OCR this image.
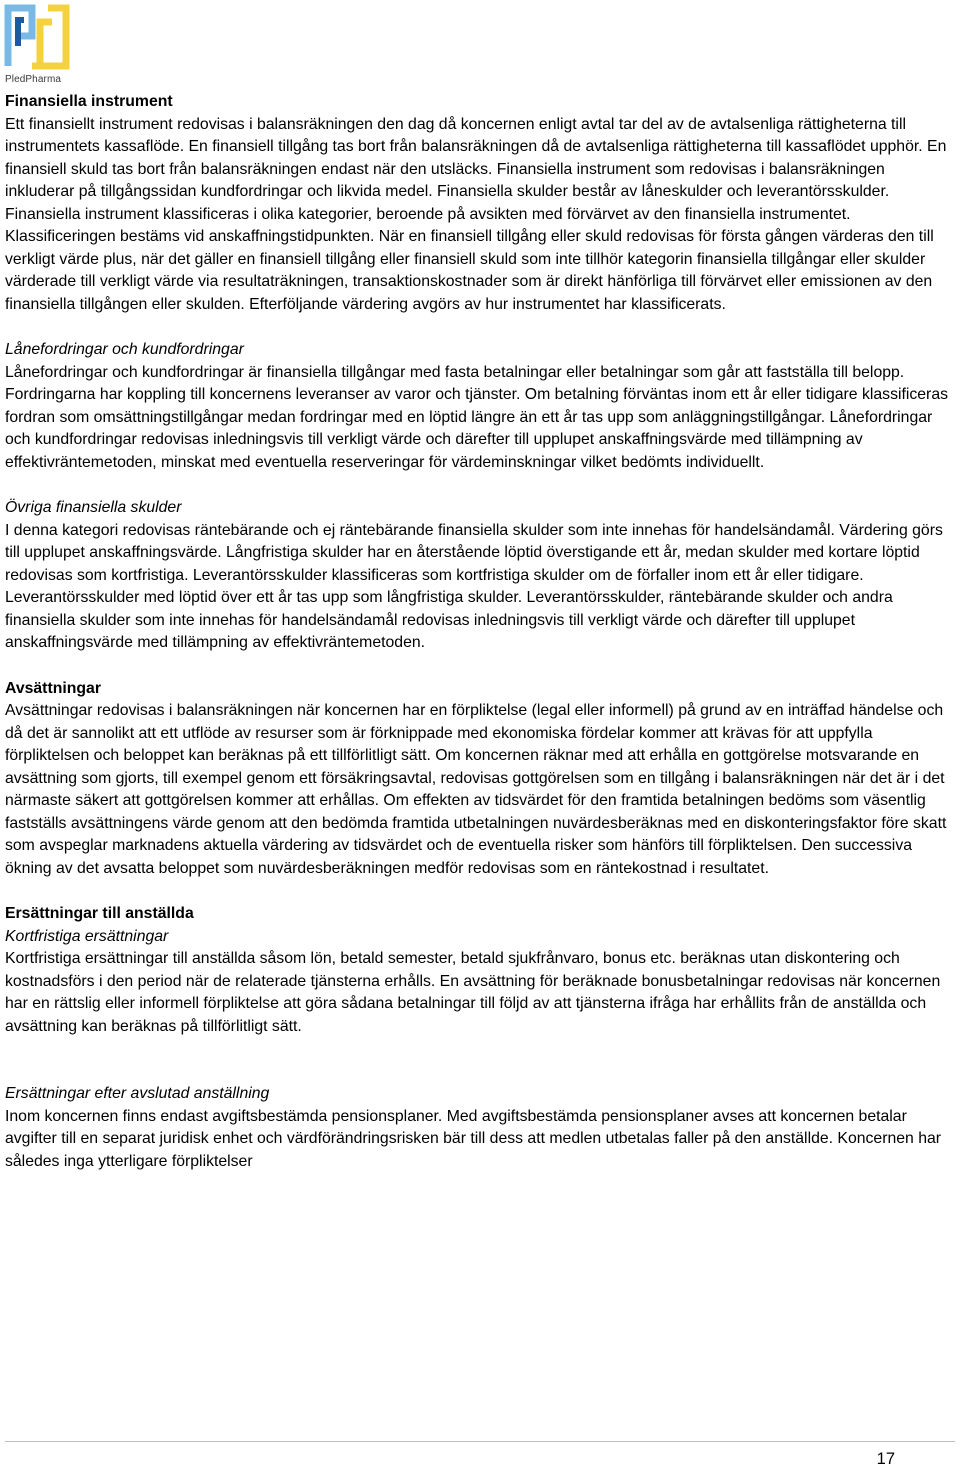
PledPharma

Finansiella instrument

Ett finansiellt instrument redovisas i balansräkningen den dag då koncernen enligt avtal tar del av de avtalsenliga rättigheterna till instrumentets kassaflöde. En finansiell tillgång tas bort från balansräkningen då de avtalsenliga rättigheterna till kassaflödet upphör. En finansiell skuld tas bort från balansräkningen endast när den utsläcks. Finansiella instrument som redovisas i balansräkningen inkluderar på tillgångssidan kundfordringar och likvida medel. Finansiella skulder består av låneskulder och leverantörsskulder. Finansiella instrument klassificeras i olika kategorier, beroende på avsikten med förvärvet av den finansiella instrumentet. Klassificeringen bestäms vid anskaffningstidpunkten. När en finansiell tillgång eller skuld redovisas för första gången värderas den till verkligt värde plus, när det gäller en finansiell tillgång eller finansiell skuld som inte tillhör kategorin finansiella tillgångar eller skulder värderade till verkligt värde via resultaträkningen, transaktionskostnader som är direkt hänförliga till förvärvet eller emissionen av den finansiella tillgången eller skulden. Efterföljande värdering avgörs av hur instrumentet har klassificerats.

Lånefordringar och kundfordringar

Lånefordringar och kundfordringar är finansiella tillgångar med fasta betalningar eller betalningar som går att fastställa till belopp. Fordringarna har koppling till koncernens leveranser av varor och tjänster. Om betalning förväntas inom ett år eller tidigare klassificeras fordran som omsättningstillgångar medan fordringar med en löptid längre än ett år tas upp som anläggningstillgångar. Lånefordringar och kundfordringar redovisas inledningsvis till verkligt värde och därefter till upplupet anskaffningsvärde med tillämpning av effektivräntemetoden, minskat med eventuella reserveringar för värdeminskningar vilket bedömts individuellt.

Övriga finansiella skulder

I denna kategori redovisas räntebärande och ej räntebärande finansiella skulder som inte innehas för handelsändamål. Värdering görs till upplupet anskaffningsvärde. Långfristiga skulder har en återstående löptid överstigande ett år, medan skulder med kortare löptid redovisas som kortfristiga. Leverantörsskulder klassificeras som kortfristiga skulder om de förfaller inom ett år eller tidigare. Leverantörsskulder med löptid över ett år tas upp som långfristiga skulder. Leverantörsskulder, räntebärande skulder och andra finansiella skulder som inte innehas för handelsändamål redovisas inledningsvis till verkligt värde och därefter till upplupet anskaffningsvärde med tillämpning av effektivräntemetoden.

Avsättningar

Avsättningar redovisas i balansräkningen när koncernen har en förpliktelse (legal eller informell) på grund av en inträffad händelse och då det är sannolikt att ett utflöde av resurser som är förknippade med ekonomiska fördelar kommer att krävas för att uppfylla förpliktelsen och beloppet kan beräknas på ett tillförlitligt sätt. Om koncernen räknar med att erhålla en gottgörelse motsvarande en avsättning som gjorts, till exempel genom ett försäkringsavtal, redovisas gottgörelsen som en tillgång i balansräkningen när det är i det närmaste säkert att gottgörelsen kommer att erhållas. Om effekten av tidsvärdet för den framtida betalningen bedöms som väsentlig fastställs avsättningens värde genom att den bedömda framtida utbetalningen nuvärdesberäknas med en diskonteringsfaktor före skatt som avspeglar marknadens aktuella värdering av tidsvärdet och de eventuella risker som hänförs till förpliktelsen. Den successiva ökning av det avsatta beloppet som nuvärdesberäkningen medför redovisas som en räntekostnad i resultatet.

Ersättningar till anställda

Kortfristiga ersättningar

Kortfristiga ersättningar till anställda såsom lön, betald semester, betald sjukfrånvaro, bonus etc. beräknas utan diskontering och kostnadsförs i den period när de relaterade tjänsterna erhålls. En avsättning för beräknade bonusbetalningar redovisas när koncernen har en rättslig eller informell förpliktelse att göra sådana betalningar till följd av att tjänsterna ifråga har erhållits från de anställda och avsättning kan beräknas på tillförlitligt sätt.

Ersättningar efter avslutad anställning

Inom koncernen finns endast avgiftsbestämda pensionsplaner. Med avgiftsbestämda pensionsplaner avses att koncernen betalar avgifter till en separat juridisk enhet och värdförändringsrisken bär till dess att medlen utbetalas faller på den anställde. Koncernen har således inga ytterligare förpliktelser

17
